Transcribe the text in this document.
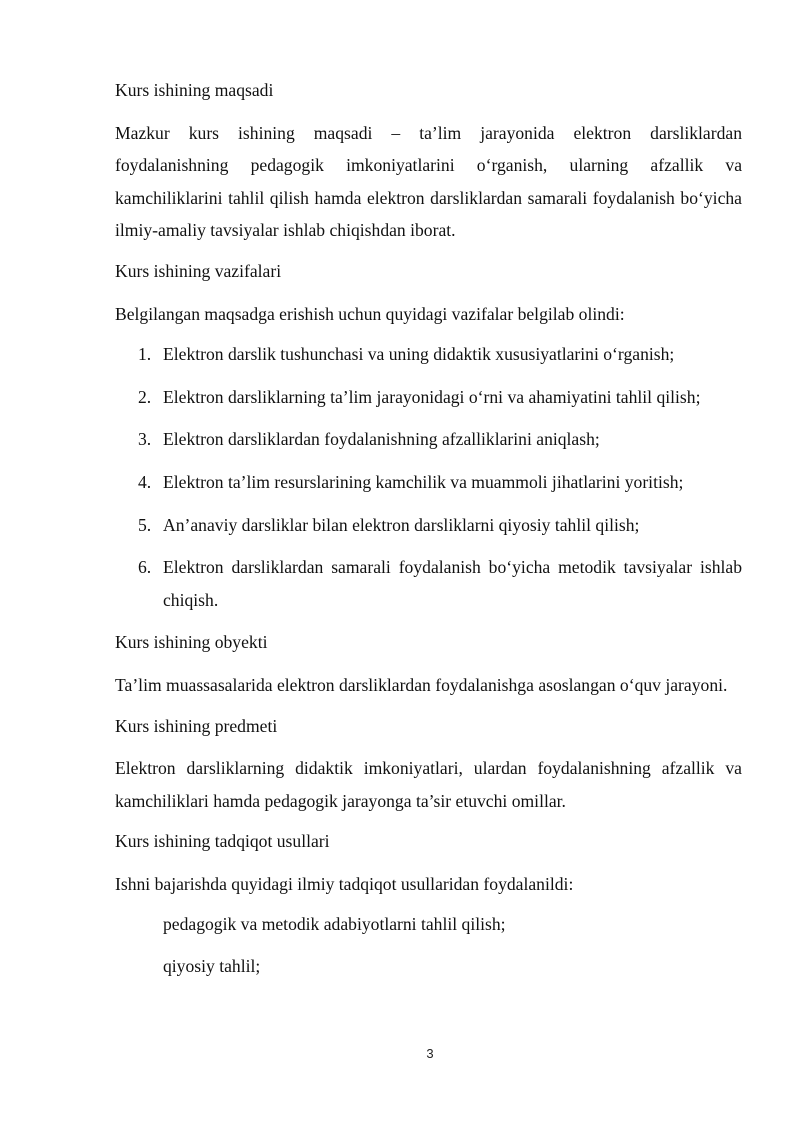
Kurs ishining maqsadi
Mazkur kurs ishining maqsadi – ta’lim jarayonida elektron darsliklardan foydalanishning pedagogik imkoniyatlarini o‘rganish, ularning afzallik va kamchiliklarini tahlil qilish hamda elektron darsliklardan samarali foydalanish bo‘yicha ilmiy-amaliy tavsiyalar ishlab chiqishdan iborat.
Kurs ishining vazifalari
Belgilangan maqsadga erishish uchun quyidagi vazifalar belgilab olindi:
1. Elektron darslik tushunchasi va uning didaktik xususiyatlarini o‘rganish;
2. Elektron darsliklarning ta’lim jarayonidagi o‘rni va ahamiyatini tahlil qilish;
3. Elektron darsliklardan foydalanishning afzalliklarini aniqlash;
4. Elektron ta’lim resurslarining kamchilik va muammoli jihatlarini yoritish;
5. An’anaviy darsliklar bilan elektron darsliklarni qiyosiy tahlil qilish;
6. Elektron darsliklardan samarali foydalanish bo‘yicha metodik tavsiyalar ishlab chiqish.
Kurs ishining obyekti
Ta’lim muassasalarida elektron darsliklardan foydalanishga asoslangan o‘quv jarayoni.
Kurs ishining predmeti
Elektron darsliklarning didaktik imkoniyatlari, ulardan foydalanishning afzallik va kamchiliklari hamda pedagogik jarayonga ta’sir etuvchi omillar.
Kurs ishining tadqiqot usullari
Ishni bajarishda quyidagi ilmiy tadqiqot usullaridan foydalanildi:
pedagogik va metodik adabiyotlarni tahlil qilish;
qiyosiy tahlil;
3
